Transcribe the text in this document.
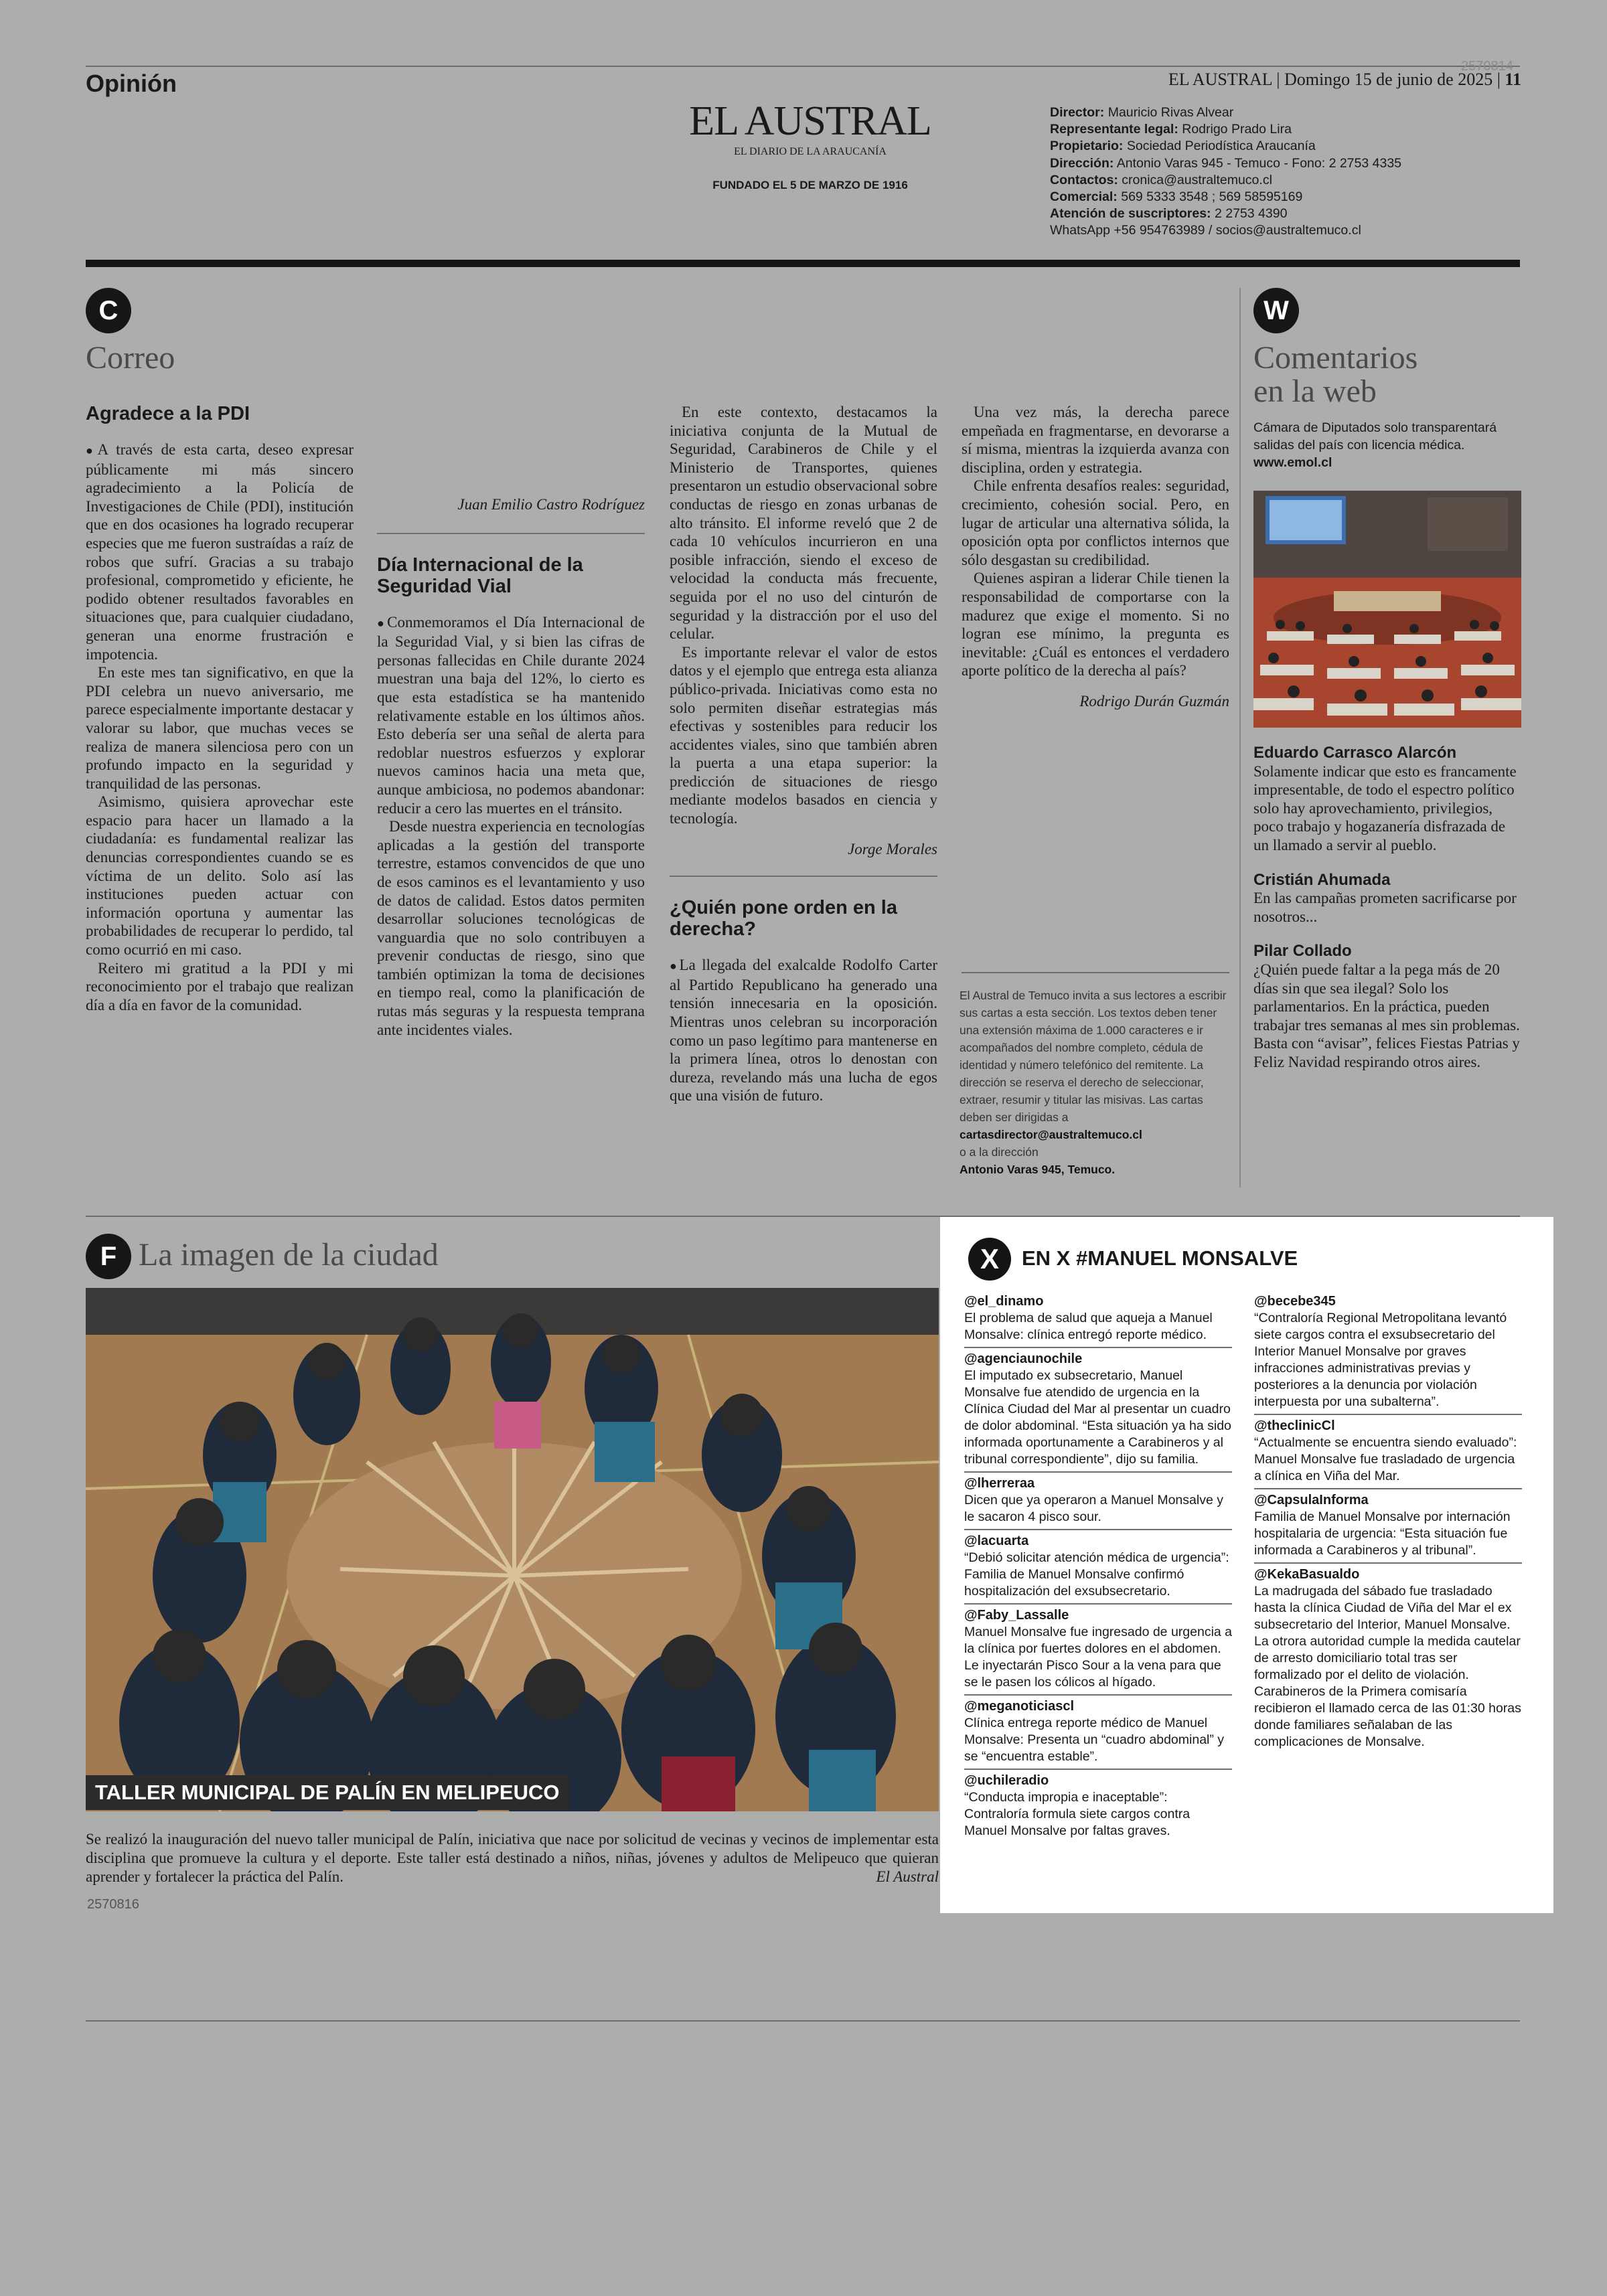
Opinión
2570814
EL AUSTRAL | Domingo 15 de junio de 2025 | 11
EL AUSTRAL
EL DIARIO DE LA ARAUCANÍA
FUNDADO EL 5 DE MARZO DE 1916
Director: Mauricio Rivas Alvear
Representante legal: Rodrigo Prado Lira
Propietario: Sociedad Periodística Araucanía
Dirección: Antonio Varas 945 - Temuco - Fono: 2 2753 4335
Contactos: cronica@australtemuco.cl
Comercial: 569 5333 3548 ; 569 58595169
Atención de suscriptores: 2 2753 4390
WhatsApp +56 954763989 / socios@australtemuco.cl
C
Correo
Agradece a la PDI

●A través de esta carta, deseo expresar públicamente mi más sincero agradecimiento a la Policía de Investigaciones de Chile (PDI), institución que en dos ocasiones ha logrado recuperar especies que me fueron sustraídas a raíz de robos que sufrí. Gracias a su trabajo profesional, comprometido y eficiente, he podido obtener resultados favorables en situaciones que, para cualquier ciudadano, generan una enorme frustración e impotencia.

En este mes tan significativo, en que la PDI celebra un nuevo aniversario, me parece especialmente importante destacar y valorar su labor, que muchas veces se realiza de manera silenciosa pero con un profundo impacto en la seguridad y tranquilidad de las personas.

Asimismo, quisiera aprovechar este espacio para hacer un llamado a la ciudadanía: es fundamental realizar las denuncias correspondientes cuando se es víctima de un delito. Solo así las instituciones pueden actuar con información oportuna y aumentar las probabilidades de recuperar lo perdido, tal como ocurrió en mi caso.

Reitero mi gratitud a la PDI y mi reconocimiento por el trabajo que realizan día a día en favor de la comunidad.

Juan Emilio Castro Rodríguez
Día Internacional de la Seguridad Vial

●Conmemoramos el Día Internacional de la Seguridad Vial, y si bien las cifras de personas fallecidas en Chile durante 2024 muestran una baja del 12%, lo cierto es que esta estadística se ha mantenido relativamente estable en los últimos años. Esto debería ser una señal de alerta para redoblar nuestros esfuerzos y explorar nuevos caminos hacia una meta que, aunque ambiciosa, no podemos abandonar: reducir a cero las muertes en el tránsito.

Desde nuestra experiencia en tecnologías aplicadas a la gestión del transporte terrestre, estamos convencidos de que uno de esos caminos es el levantamiento y uso de datos de calidad. Estos datos permiten desarrollar soluciones tecnológicas de vanguardia que no solo contribuyen a prevenir conductas de riesgo, sino que también optimizan la toma de decisiones en tiempo real, como la planificación de rutas más seguras y la respuesta temprana ante incidentes viales.

En este contexto, destacamos la iniciativa conjunta de la Mutual de Seguridad, Carabineros de Chile y el Ministerio de Transportes, quienes presentaron un estudio observacional sobre conductas de riesgo en zonas urbanas de alto tránsito. El informe reveló que 2 de cada 10 vehículos incurrieron en una posible infracción, siendo el exceso de velocidad la conducta más frecuente, seguida por el no uso del cinturón de seguridad y la distracción por el uso del celular.

Es importante relevar el valor de estos datos y el ejemplo que entrega esta alianza público-privada. Iniciativas como esta no solo permiten diseñar estrategias más efectivas y sostenibles para reducir los accidentes viales, sino que también abren la puerta a una etapa superior: la predicción de situaciones de riesgo mediante modelos basados en ciencia y tecnología.

Jorge Morales
¿Quién pone orden en la derecha?

●La llegada del exalcalde Rodolfo Carter al Partido Republicano ha generado una tensión innecesaria en la oposición. Mientras unos celebran su incorporación como un paso legítimo para mantenerse en la primera línea, otros lo denostan con dureza, revelando más una lucha de egos que una visión de futuro.

Una vez más, la derecha parece empeñada en fragmentarse, en devorarse a sí misma, mientras la izquierda avanza con disciplina, orden y estrategia.

Chile enfrenta desafíos reales: seguridad, crecimiento, cohesión social. Pero, en lugar de articular una alternativa sólida, la oposición opta por conflictos internos que sólo desgastan su credibilidad.

Quienes aspiran a liderar Chile tienen la responsabilidad de comportarse con la madurez que exige el momento. Si no logran ese mínimo, la pregunta es inevitable: ¿Cuál es entonces el verdadero aporte político de la derecha al país?

Rodrigo Durán Guzmán
El Austral de Temuco invita a sus lectores a escribir sus cartas a esta sección. Los textos deben tener una extensión máxima de 1.000 caracteres e ir acompañados del nombre completo, cédula de identidad y número telefónico del remitente. La dirección se reserva el derecho de seleccionar, extraer, resumir y titular las misivas. Las cartas deben ser dirigidas a
cartasdirector@australtemuco.cl
o a la dirección
Antonio Varas 945, Temuco.
W
Comentarios
en la web
Cámara de Diputados solo transparentará salidas del país con licencia médica.
www.emol.cl
Eduardo Carrasco Alarcón
Solamente indicar que esto es francamente impresentable, de todo el espectro político solo hay aprovechamiento, privilegios, poco trabajo y hogazanería disfrazada de un llamado a servir al pueblo.
Cristián Ahumada
En las campañas prometen sacrificarse por nosotros...
Pilar Collado
¿Quién puede faltar a la pega más de 20 días sin que sea ilegal? Solo los parlamentarios. En la práctica, pueden trabajar tres semanas al mes sin problemas. Basta con “avisar”, felices Fiestas Patrias y Feliz Navidad respirando otros aires.
F La imagen de la ciudad
TALLER MUNICIPAL DE PALÍN EN MELIPEUCO
Se realizó la inauguración del nuevo taller municipal de Palín, iniciativa que nace por solicitud de vecinas y vecinos de implementar esta disciplina que promueve la cultura y el deporte. Este taller está destinado a niños, niñas, jóvenes y adultos de Melipeuco que quieran aprender y fortalecer la práctica del Palín.	El Austral
2570816
X	EN X #MANUEL MONSALVE
@el_dinamo
El problema de salud que aqueja a Manuel Monsalve: clínica entregó reporte médico.
@agenciaunochile
El imputado ex subsecretario, Manuel Monsalve fue atendido de urgencia en la Clínica Ciudad del Mar al presentar un cuadro de dolor abdominal. “Esta situación ya ha sido informada oportunamente a Carabineros y al tribunal correspondiente”, dijo su familia.
@lherreraa
Dicen que ya operaron a Manuel Monsalve y le sacaron 4 pisco sour.
@lacuarta
“Debió solicitar atención médica de urgencia”: Familia de Manuel Monsalve confirmó hospitalización del exsubsecretario.
@Faby_Lassalle
Manuel Monsalve fue ingresado de urgencia a la clínica por fuertes dolores en el abdomen. Le inyectarán Pisco Sour a la vena para que se le pasen los cólicos al hígado.
@meganoticiascl
Clínica entrega reporte médico de Manuel Monsalve: Presenta un “cuadro abdominal” y se “encuentra estable”.
@uchileradio
“Conducta impropia e inaceptable”: Contraloría formula siete cargos contra Manuel Monsalve por faltas graves.
@becebe345
“Contraloría Regional Metropolitana levantó siete cargos contra el exsubsecretario del Interior Manuel Monsalve por graves infracciones administrativas previas y posteriores a la denuncia por violación interpuesta por una subalterna”.
@theclinicCl
“Actualmente se encuentra siendo evaluado”: Manuel Monsalve fue trasladado de urgencia a clínica en Viña del Mar.
@CapsulaInforma
Familia de Manuel Monsalve por internación hospitalaria de urgencia: “Esta situación fue informada a Carabineros y al tribunal”.
@KekaBasualdo
La madrugada del sábado fue trasladado hasta la clínica Ciudad de Viña del Mar el ex subsecretario del Interior, Manuel Monsalve. La otrora autoridad cumple la medida cautelar de arresto domiciliario total tras ser formalizado por el delito de violación. Carabineros de la Primera comisaría recibieron el llamado cerca de las 01:30 horas donde familiares señalaban de las complicaciones de Monsalve.
